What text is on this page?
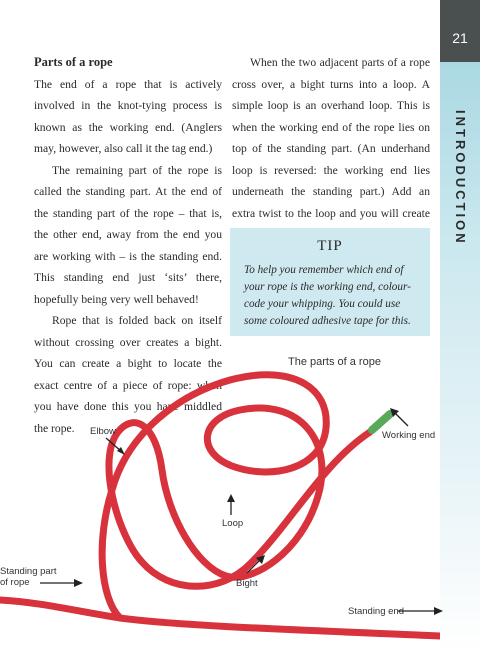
21
INTRODUCTION

Parts of a rope

The end of a rope that is actively involved in the knot-tying process is known as the working end. (Anglers may, however, also call it the tag end.)

The remaining part of the rope is called the standing part. At the end of the standing part of the rope – that is, the other end, away from the end you are working with – is the standing end. This standing end just ‘sits’ there, hopefully being very well behaved!

Rope that is folded back on itself without crossing over creates a bight. You can create a bight to locate the exact centre of a piece of rope: when you have done this you have middled the rope.

When the two adjacent parts of a rope cross over, a bight turns into a loop. A simple loop is an overhand loop. This is when the working end of the rope lies on top of the standing part. (An underhand loop is reversed: the working end lies underneath the standing part.) Add an extra twist to the loop and you will create

TIP
To help you remember which end of your rope is the working end, colour-code your whipping. You could use some coloured adhesive tape for this.
The parts of a rope
Elbow	Working end
Loop
Bight
Standing part
of rope
Standing end
